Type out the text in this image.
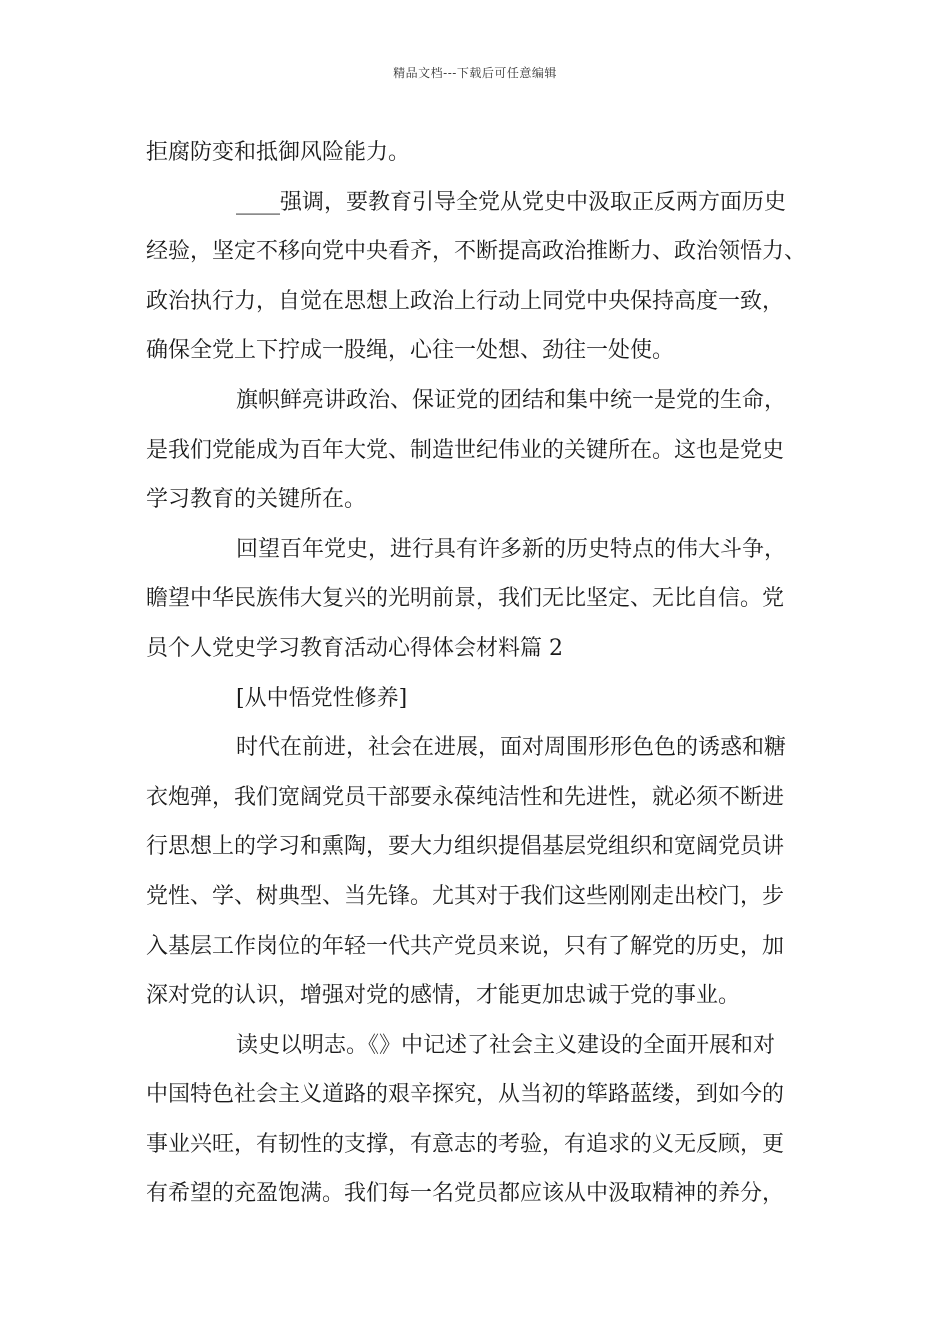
精品文档---下载后可任意编辑
拒腐防变和抵御风险能力。
____强调，要教育引导全党从党史中汲取正反两方面历史
经验，坚定不移向党中央看齐，不断提高政治推断力、政治领悟力、
政治执行力，自觉在思想上政治上行动上同党中央保持高度一致，
确保全党上下拧成一股绳，心往一处想、劲往一处使。
旗帜鲜亮讲政治、保证党的团结和集中统一是党的生命，
是我们党能成为百年大党、制造世纪伟业的关键所在。这也是党史
学习教育的关键所在。
回望百年党史，进行具有许多新的历史特点的伟大斗争，
瞻望中华民族伟大复兴的光明前景，我们无比坚定、无比自信。党
员个人党史学习教育活动心得体会材料篇 2
[从中悟党性修养]
时代在前进，社会在进展，面对周围形形色色的诱惑和糖
衣炮弹，我们宽阔党员干部要永葆纯洁性和先进性，就必须不断进
行思想上的学习和熏陶，要大力组织提倡基层党组织和宽阔党员讲
党性、学、树典型、当先锋。尤其对于我们这些刚刚走出校门，步
入基层工作岗位的年轻一代共产党员来说，只有了解党的历史，加
深对党的认识，增强对党的感情，才能更加忠诚于党的事业。
读史以明志。《》中记述了社会主义建设的全面开展和对
中国特色社会主义道路的艰辛探究，从当初的筚路蓝缕，到如今的
事业兴旺，有韧性的支撑，有意志的考验，有追求的义无反顾，更
有希望的充盈饱满。我们每一名党员都应该从中汲取精神的养分，
